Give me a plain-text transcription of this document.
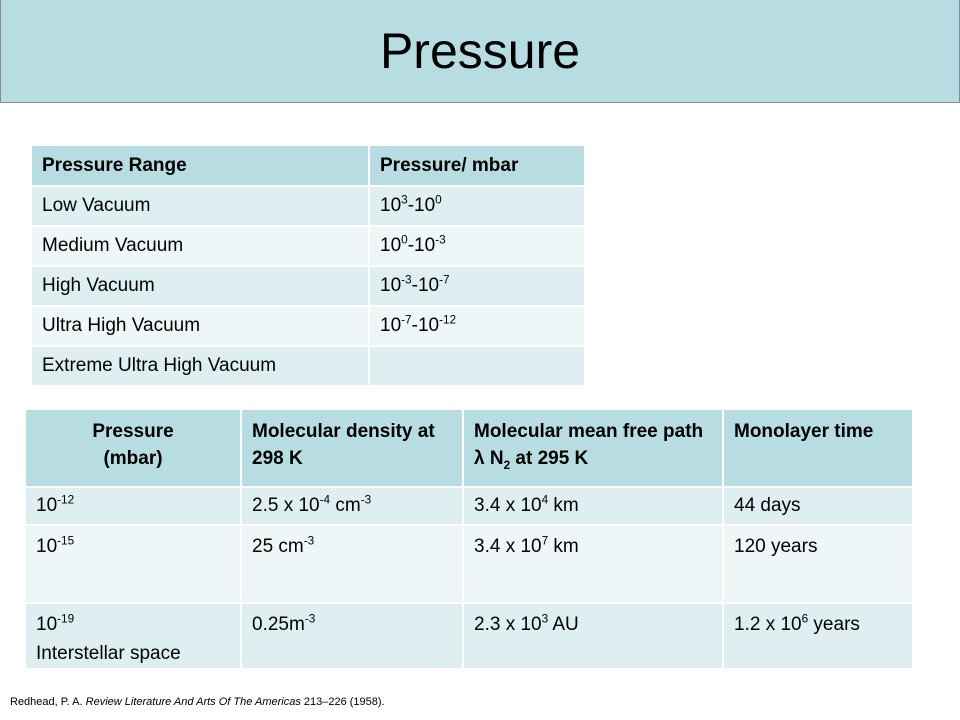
Pressure
Pressure Range	Pressure/ mbar
Low Vacuum	$10^3-10^0$
Medium Vacuum	$10^0-10^{-3}$
High Vacuum	$10^{-3}-10^{-7}$
Ultra High Vacuum	$10^{-7}-10^{-12}$
Extreme Ultra High Vacuum	
Pressure
(mbar)	Molecular density at 298 K	Molecular mean free path λ $N_2$ at 295 K	Monolayer time
$10^{-12}$	2.5 x $10^{-4}$ $cm^{-3}$	3.4 x $10^4$ km	44 days
$10^{-15}$	25 $cm^{-3}$	3.4 x $10^7$ km	120 years
$10^{-19}$
Interstellar space	$0.25m^{-3}$	2.3 x $10^3$ AU	1.2 x $10^6$ years
Redhead, P. A. Review Literature And Arts Of The Americas 213–226 (1958).
